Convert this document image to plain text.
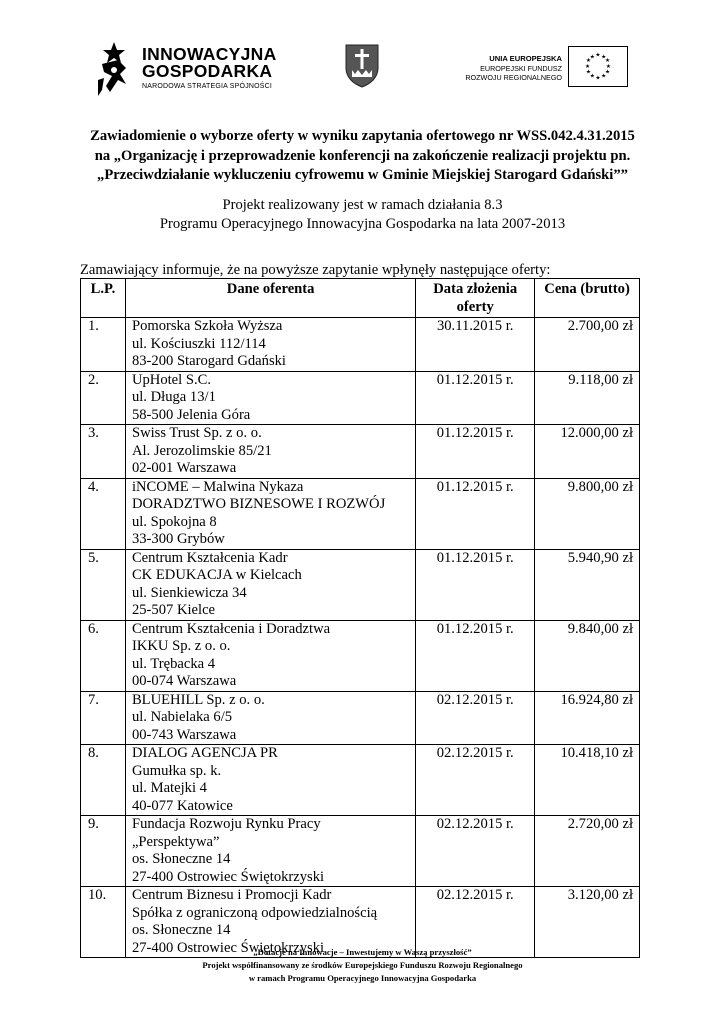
INNOWACYJNA
GOSPODARKA
NARODOWA STRATEGIA SPÓJNOŚCI
UNIA EUROPEJSKA
EUROPEJSKI FUNDUSZ
ROZWOJU REGIONALNEGO
★ ★
★
★
★
★
★
★
★
★
★
★
Zawiadomienie o wyborze oferty w wyniku zapytania ofertowego nr WSS.042.4.31.2015
na „Organizację i przeprowadzenie konferencji na zakończenie realizacji projektu pn.
„Przeciwdziałanie wykluczeniu cyfrowemu w Gminie Miejskiej Starogard Gdański””
Projekt realizowany jest w ramach działania 8.3
Programu Operacyjnego Innowacyjna Gospodarka na lata 2007-2013
Zamawiający informuje, że na powyższe zapytanie wpłynęły następujące oferty:
L.P.	Dane oferenta	Data złożenia oferty	Cena (brutto)
1.	Pomorska Szkoła Wyższa
ul. Kościuszki 112/114
83-200 Starogard Gdański	30.11.2015 r.	2.700,00 zł
2.	UpHotel S.C.
ul. Długa 13/1
58-500 Jelenia Góra	01.12.2015 r.	9.118,00 zł
3.	Swiss Trust Sp. z o. o.
Al. Jerozolimskie 85/21
02-001 Warszawa	01.12.2015 r.	12.000,00 zł
4.	iNCOME – Malwina Nykaza
DORADZTWO BIZNESOWE I ROZWÓJ
ul. Spokojna 8
33-300 Grybów	01.12.2015 r.	9.800,00 zł
5.	Centrum Kształcenia Kadr
CK EDUKACJA w Kielcach
ul. Sienkiewicza 34
25-507 Kielce	01.12.2015 r.	5.940,90 zł
6.	Centrum Kształcenia i Doradztwa
IKKU Sp. z o. o.
ul. Trębacka 4
00-074 Warszawa	01.12.2015 r.	9.840,00 zł
7.	BLUEHILL Sp. z o. o.
ul. Nabielaka 6/5
00-743 Warszawa	02.12.2015 r.	16.924,80 zł
8.	DIALOG AGENCJA PR
Gumułka sp. k.
ul. Matejki 4
40-077 Katowice	02.12.2015 r.	10.418,10 zł
9.	Fundacja Rozwoju Rynku Pracy
„Perspektywa”
os. Słoneczne 14
27-400 Ostrowiec Świętokrzyski	02.12.2015 r.	2.720,00 zł
10.	Centrum Biznesu i Promocji Kadr
Spółka z ograniczoną odpowiedzialnością
os. Słoneczne 14
27-400 Ostrowiec Świętokrzyski	02.12.2015 r.	3.120,00 zł
„Dotacje na Innowacje – Inwestujemy w Waszą przyszłość”
Projekt współfinansowany ze środków Europejskiego Funduszu Rozwoju Regionalnego
w ramach Programu Operacyjnego Innowacyjna Gospodarka
